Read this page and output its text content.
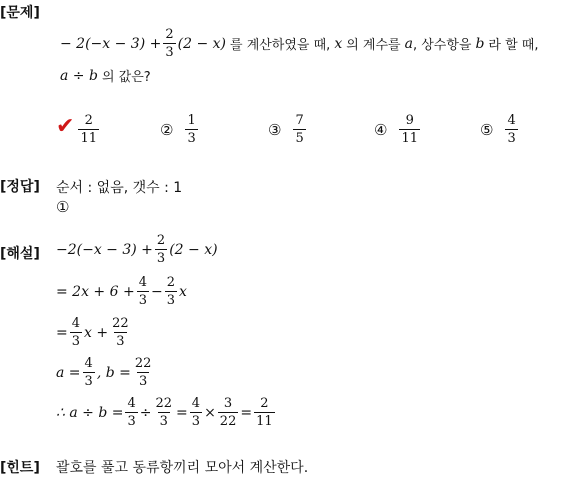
[문제]
− $2(-x - 3) + \frac{2}{3} (2 - x)$ 를 계산하였을 때, x 의 계수를 a , 상수항을 b 라 할 때,
a ÷ b 의 값은?
✔ $\frac{2}{11}$	② $\frac{1}{3}$	③ $\frac{7}{5}$	④ $\frac{9}{11}$	⑤ $\frac{4}{3}$
[정답] 순서 : 없음, 갯수 : 1
①
[해설] $-2(-x - 3) + \frac{2}{3} (2 - x)$
= $2x + 6 + \frac{4}{3} - \frac{2}{3}$ x
= $\frac{4}{3}$ $x + \frac{22}{3}$
$a = \frac{4}{3}$ , $b = \frac{22}{3}$
∴ $a \div b = \frac{4}{3} \div \frac{22}{3} = \frac{4}{3} \times \frac{3}{22} = \frac{2}{11}$
[힌트] 괄호를 풀고 동류항끼리 모아서 계산한다.
